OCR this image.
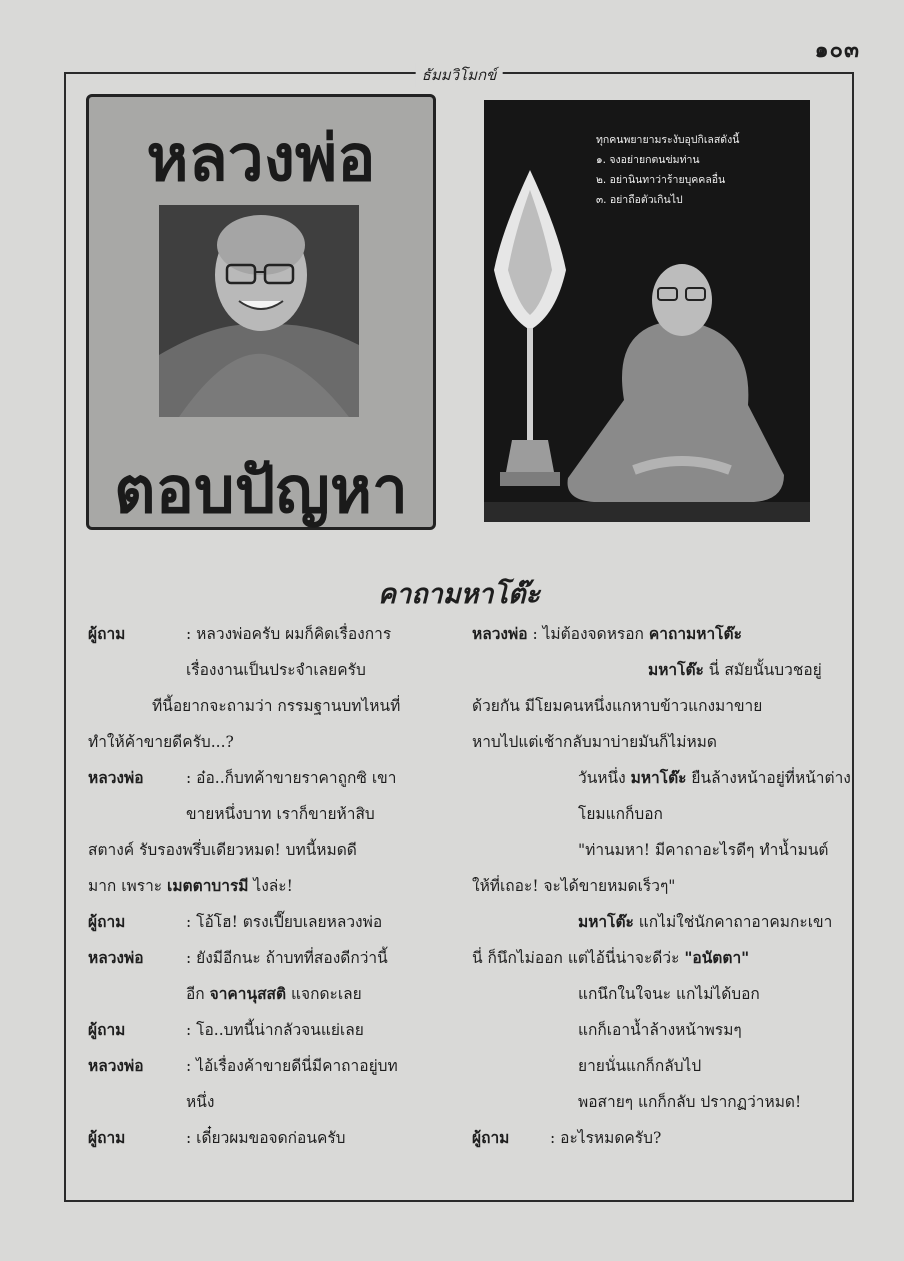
๑๐๓
ธัมมวิโมกข์
หลวงพ่อ
ตอบปัญหา
ทุกคนพยายามระงับอุปกิเลสดังนี้
๑. จงอย่ายกตนข่มท่าน
๒. อย่านินทาว่าร้ายบุคคลอื่น
๓. อย่าถือตัวเกินไป
คาถามหาโต๊ะ
ผู้ถาม	: หลวงพ่อครับ ผมก็คิดเรื่องการ
เรื่องงานเป็นประจำเลยครับ
ทีนี้อยากจะถามว่า กรรมฐานบทไหนที่
ทำให้ค้าขายดีครับ...?
หลวงพ่อ	: อ๋อ..ก็บทค้าขายราคาถูกซิ เขา
ขายหนึ่งบาท เราก็ขายห้าสิบ
สตางค์ รับรองพรึ่บเดียวหมด! บทนี้หมดดี
มาก เพราะ เมตตาบารมี ไงล่ะ!
ผู้ถาม	: โอ้โฮ! ตรงเปี๊ยบเลยหลวงพ่อ
หลวงพ่อ	: ยังมีอีกนะ ถ้าบทที่สองดีกว่านี้
อีก จาคานุสสติ แจกดะเลย
ผู้ถาม	: โอ..บทนี้น่ากลัวจนแย่เลย
หลวงพ่อ	: ไอ้เรื่องค้าขายดีนี่มีคาถาอยู่บท
หนึ่ง
ผู้ถาม	: เดี๋ยวผมขอจดก่อนครับ
หลวงพ่อ : ไม่ต้องจดหรอก คาถามหาโต๊ะ
มหาโต๊ะ นี่ สมัยนั้นบวชอยู่
ด้วยกัน มีโยมคนหนึ่งแกหาบข้าวแกงมาขาย
หาบไปแต่เช้ากลับมาบ่ายมันก็ไม่หมด
วันหนึ่ง มหาโต๊ะ ยืนล้างหน้าอยู่ที่หน้าต่าง
โยมแกก็บอก
"ท่านมหา! มีคาถาอะไรดีๆ ทำน้ำมนต์
ให้ที่เถอะ! จะได้ขายหมดเร็วๆ"
มหาโต๊ะ แกไม่ใช่นักคาถาอาคมกะเขา
นี่ ก็นึกไม่ออก แต่ไอ้นี่น่าจะดีว่ะ "อนัตตา"
แกนึกในใจนะ แกไม่ได้บอก
แกก็เอาน้ำล้างหน้าพรมๆ
ยายนั่นแกก็กลับไป
พอสายๆ แกก็กลับ ปรากฏว่าหมด!
ผู้ถาม	: อะไรหมดครับ?
